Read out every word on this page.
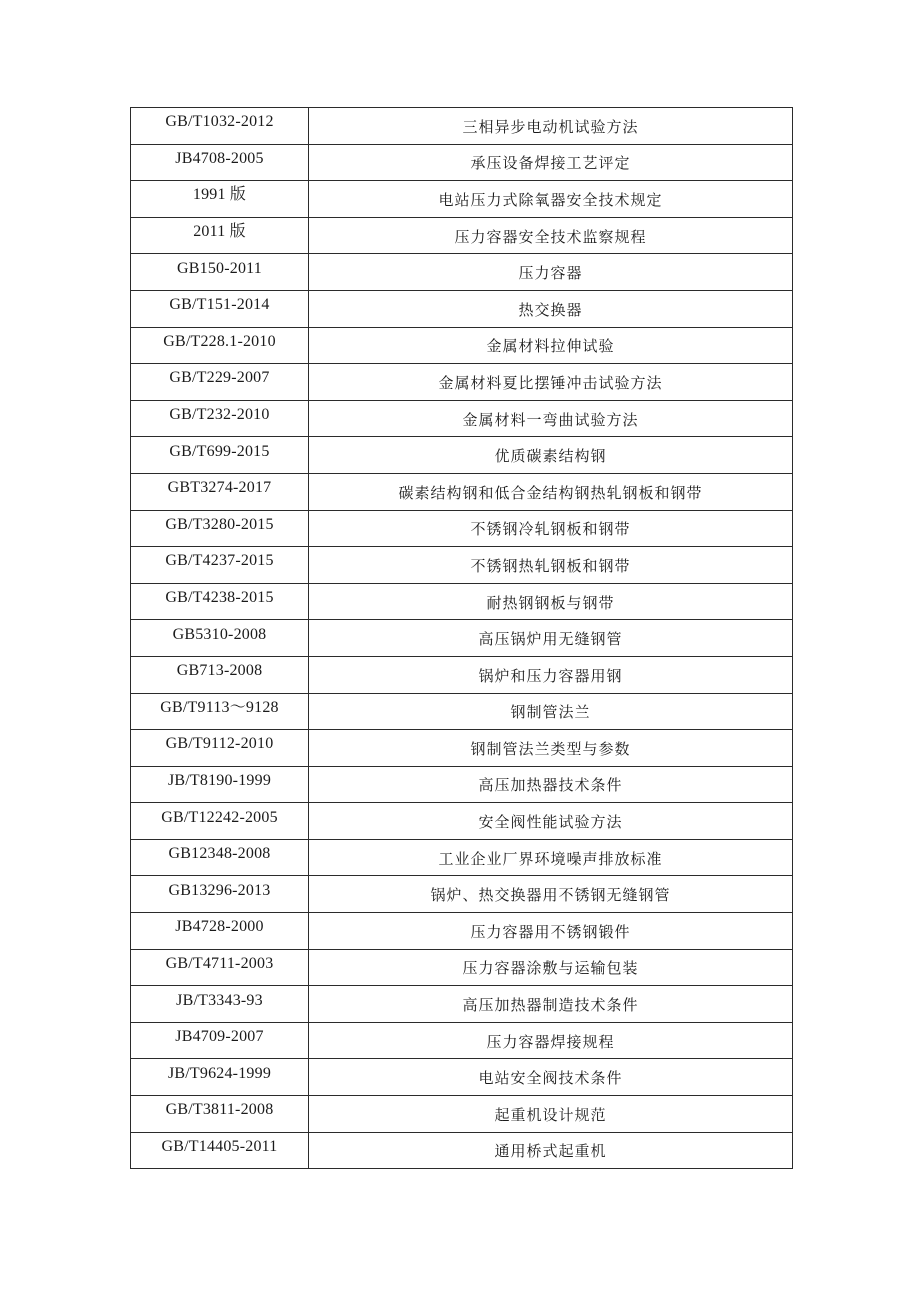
GB/T1032-2012	三相异步电动机试验方法
JB4708-2005	承压设备焊接工艺评定
1991 版	电站压力式除氧器安全技术规定
2011 版	压力容器安全技术监察规程
GB150-2011	压力容器
GB/T151-2014	热交换器
GB/T228.1-2010	金属材料拉伸试验
GB/T229-2007	金属材料夏比摆锤冲击试验方法
GB/T232-2010	金属材料一弯曲试验方法
GB/T699-2015	优质碳素结构钢
GBT3274-2017	碳素结构钢和低合金结构钢热轧钢板和钢带
GB/T3280-2015	不锈钢冷轧钢板和钢带
GB/T4237-2015	不锈钢热轧钢板和钢带
GB/T4238-2015	耐热钢钢板与钢带
GB5310-2008	高压锅炉用无缝钢管
GB713-2008	锅炉和压力容器用钢
GB/T9113～9128	钢制管法兰
GB/T9112-2010	钢制管法兰类型与参数
JB/T8190-1999	高压加热器技术条件
GB/T12242-2005	安全阀性能试验方法
GB12348-2008	工业企业厂界环境噪声排放标准
GB13296-2013	锅炉、热交换器用不锈钢无缝钢管
JB4728-2000	压力容器用不锈钢锻件
GB/T4711-2003	压力容器涂敷与运输包装
JB/T3343-93	高压加热器制造技术条件
JB4709-2007	压力容器焊接规程
JB/T9624-1999	电站安全阀技术条件
GB/T3811-2008	起重机设计规范
GB/T14405-2011	通用桥式起重机
